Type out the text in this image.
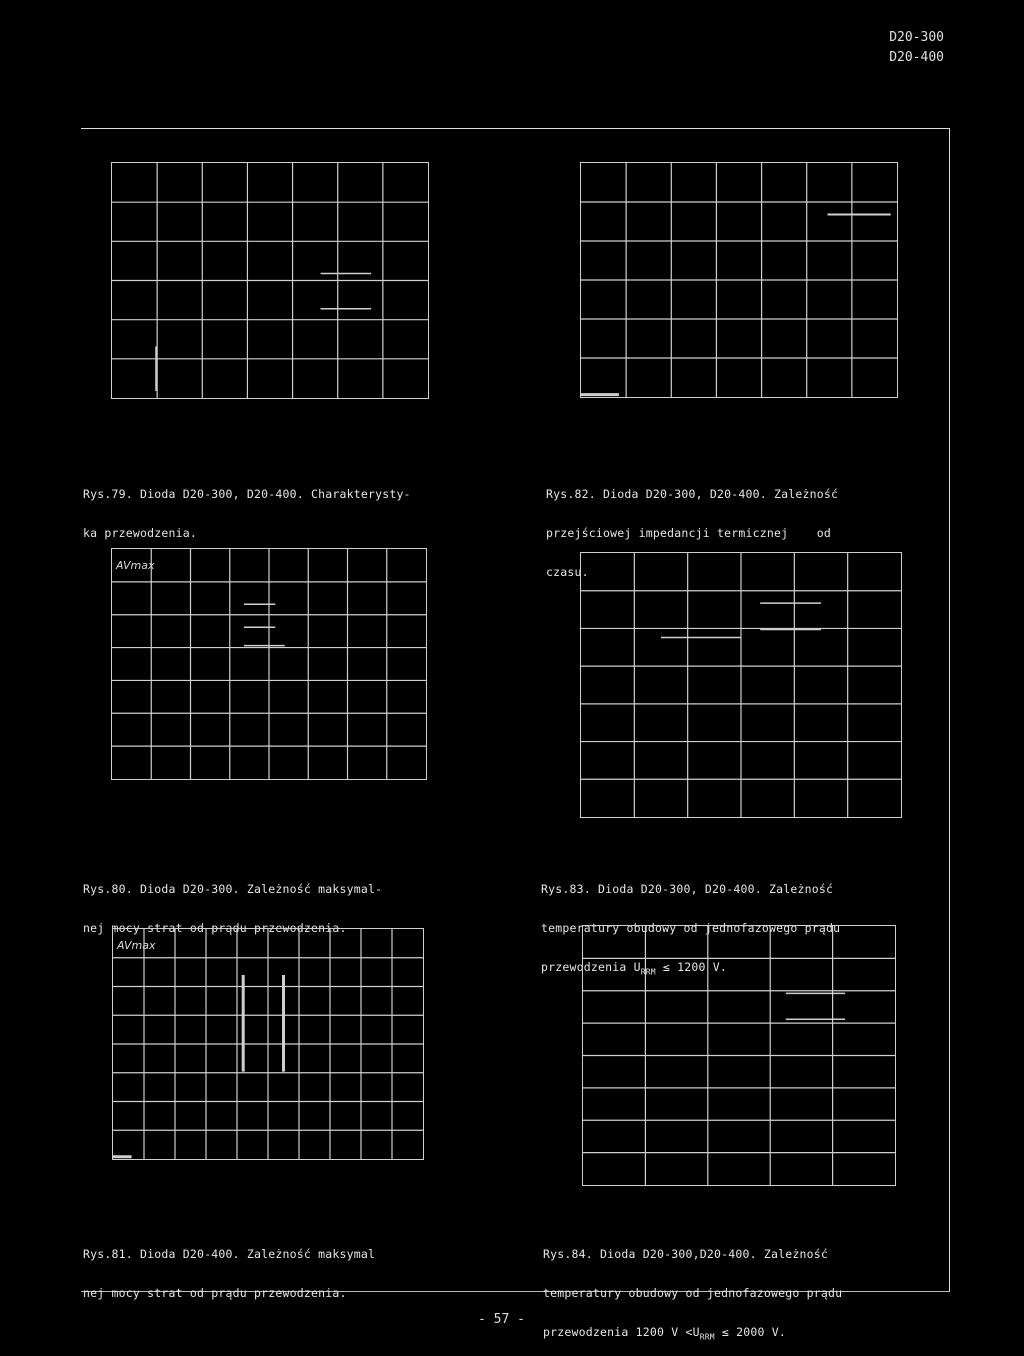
D20-300
D20-400

Rys.79. Dioda D20-300, D20-400. Charakterysty-

ka przewodzenia.

Rys.82. Dioda D20-300, D20-400. Zależność

przejściowej impedancji termicznej    od

czasu.

AVmax

Rys.80. Dioda D20-300. Zależność maksymal-

nej mocy strat od prądu przewodzenia.

Rys.83. Dioda D20-300, D20-400. Zależność

temperatury obudowy od jednofazowego prądu

przewodzenia $U_{RRM} \le 1200$ V.

AVmax

Rys.81. Dioda D20-400. Zależność maksymal

nej mocy strat od prądu przewodzenia.

Rys.84. Dioda D20-300,D20-400. Zależność

temperatury obudowy od jednofazowego prądu

przewodzenia 1200 $V <U_{RRM} \le 2000$ V.

- 57 -
